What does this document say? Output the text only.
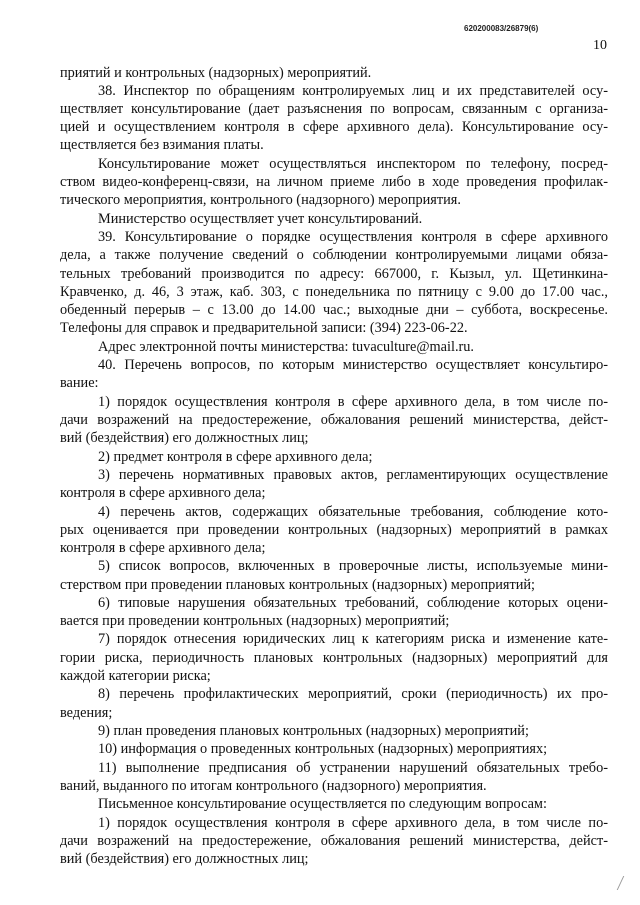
620200083/26879(6)
10
приятий и контрольных (надзорных) мероприятий.
38. Инспектор по обращениям контролируемых лиц и их представителей осу-
ществляет консультирование (дает разъяснения по вопросам, связанным с организа-
цией и осуществлением контроля в сфере архивного дела). Консультирование осу-
ществляется без взимания платы.
Консультирование может осуществляться инспектором по телефону, посред-
ством видео-конференц-связи, на личном приеме либо в ходе проведения профилак-
тического мероприятия, контрольного (надзорного) мероприятия.
Министерство осуществляет учет консультирований.
39. Консультирование о порядке осуществления контроля в сфере архивного
дела, а также получение сведений о соблюдении контролируемыми лицами обяза-
тельных требований производится по адресу: 667000, г. Кызыл, ул. Щетинкина-
Кравченко, д. 46, 3 этаж, каб. 303, с понедельника по пятницу с 9.00 до 17.00 час.,
обеденный перерыв – с 13.00 до 14.00 час.; выходные дни – суббота, воскресенье.
Телефоны для справок и предварительной записи: (394) 223-06-22.
Адрес электронной почты министерства: tuvaculture@mail.ru.
40. Перечень вопросов, по которым министерство осуществляет консультиро-
вание:
1) порядок осуществления контроля в сфере архивного дела, в том числе по-
дачи возражений на предостережение, обжалования решений министерства, дейст-
вий (бездействия) его должностных лиц;
2) предмет контроля в сфере архивного дела;
3) перечень нормативных правовых актов, регламентирующих осуществление
контроля в сфере архивного дела;
4) перечень актов, содержащих обязательные требования, соблюдение кото-
рых оценивается при проведении контрольных (надзорных) мероприятий в рамках
контроля в сфере архивного дела;
5) список вопросов, включенных в проверочные листы, используемые мини-
стерством при проведении плановых контрольных (надзорных) мероприятий;
6) типовые нарушения обязательных требований, соблюдение которых оцени-
вается при проведении контрольных (надзорных) мероприятий;
7) порядок отнесения юридических лиц к категориям риска и изменение кате-
гории риска, периодичность плановых контрольных (надзорных) мероприятий для
каждой категории риска;
8) перечень профилактических мероприятий, сроки (периодичность) их про-
ведения;
9) план проведения плановых контрольных (надзорных) мероприятий;
10) информация о проведенных контрольных (надзорных) мероприятиях;
11) выполнение предписания об устранении нарушений обязательных требо-
ваний, выданного по итогам контрольного (надзорного) мероприятия.
Письменное консультирование осуществляется по следующим вопросам:
1) порядок осуществления контроля в сфере архивного дела, в том числе по-
дачи возражений на предостережение, обжалования решений министерства, дейст-
вий (бездействия) его должностных лиц;
